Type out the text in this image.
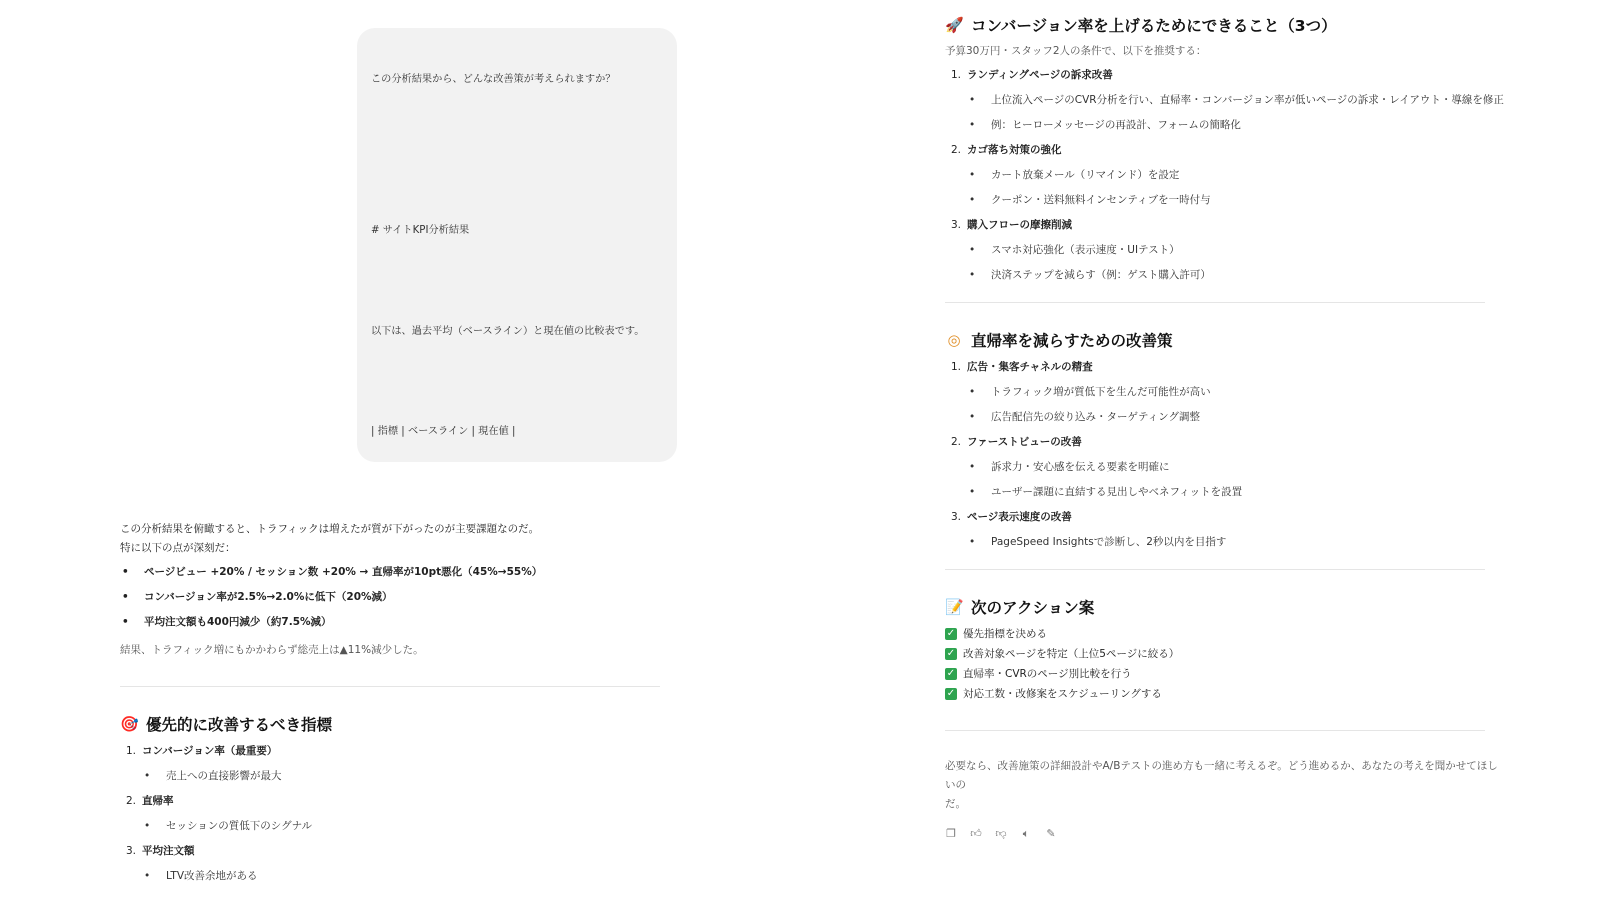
この分析結果から、どんな改善策が考えられますか？

# サイトKPI分析結果

以下は、過去平均（ベースライン）と現在値の比較表です。

| 指標 | ベースライン | 現在値 |

この分析結果を俯瞰すると、トラフィックは増えたが質が下がったのが主要課題なのだ。
特に以下の点が深刻だ：
• ページビュー +20% / セッション数 +20% → 直帰率が10pt悪化（45%→55%）
• コンバージョン率が2.5%→2.0%に低下（20%減）
• 平均注文額も400円減少（約7.5%減）
結果、トラフィック増にもかかわらず総売上は▲11%減少した。
🎯 優先的に改善するべき指標
1. コンバージョン率（最重要）
• 売上への直接影響が最大
2. 直帰率
• セッションの質低下のシグナル
3. 平均注文額
• LTV改善余地がある
🚀 コンバージョン率を上げるためにできること（3つ）
予算30万円・スタッフ2人の条件で、以下を推奨する：
1. ランディングページの訴求改善
• 上位流入ページのCVR分析を行い、直帰率・コンバージョン率が低いページの訴求・レイアウト・導線を修正
• 例：ヒーローメッセージの再設計、フォームの簡略化
2. カゴ落ち対策の強化
• カート放棄メール（リマインド）を設定
• クーポン・送料無料インセンティブを一時付与
3. 購入フローの摩擦削減
• スマホ対応強化（表示速度・UIテスト）
• 決済ステップを減らす（例：ゲスト購入許可）
◎ 直帰率を減らすための改善策
1. 広告・集客チャネルの精査
• トラフィック増が質低下を生んだ可能性が高い
• 広告配信先の絞り込み・ターゲティング調整
2. ファーストビューの改善
• 訴求力・安心感を伝える要素を明確に
• ユーザー課題に直結する見出しやベネフィットを設置
3. ページ表示速度の改善
• PageSpeed Insightsで診断し、2秒以内を目指す
📝 次のアクション案
✓ 優先指標を決める
✓ 改善対象ページを特定（上位5ページに絞る）
✓ 直帰率・CVRのページ別比較を行う
✓ 対応工数・改修案をスケジューリングする
必要なら、改善施策の詳細設計やA/Bテストの進め方も一緒に考えるぞ。どう進めるか、あなたの考えを聞かせてほしいの
だ。
❐ 👍︎ 👎︎ 🔈︎ ✎
